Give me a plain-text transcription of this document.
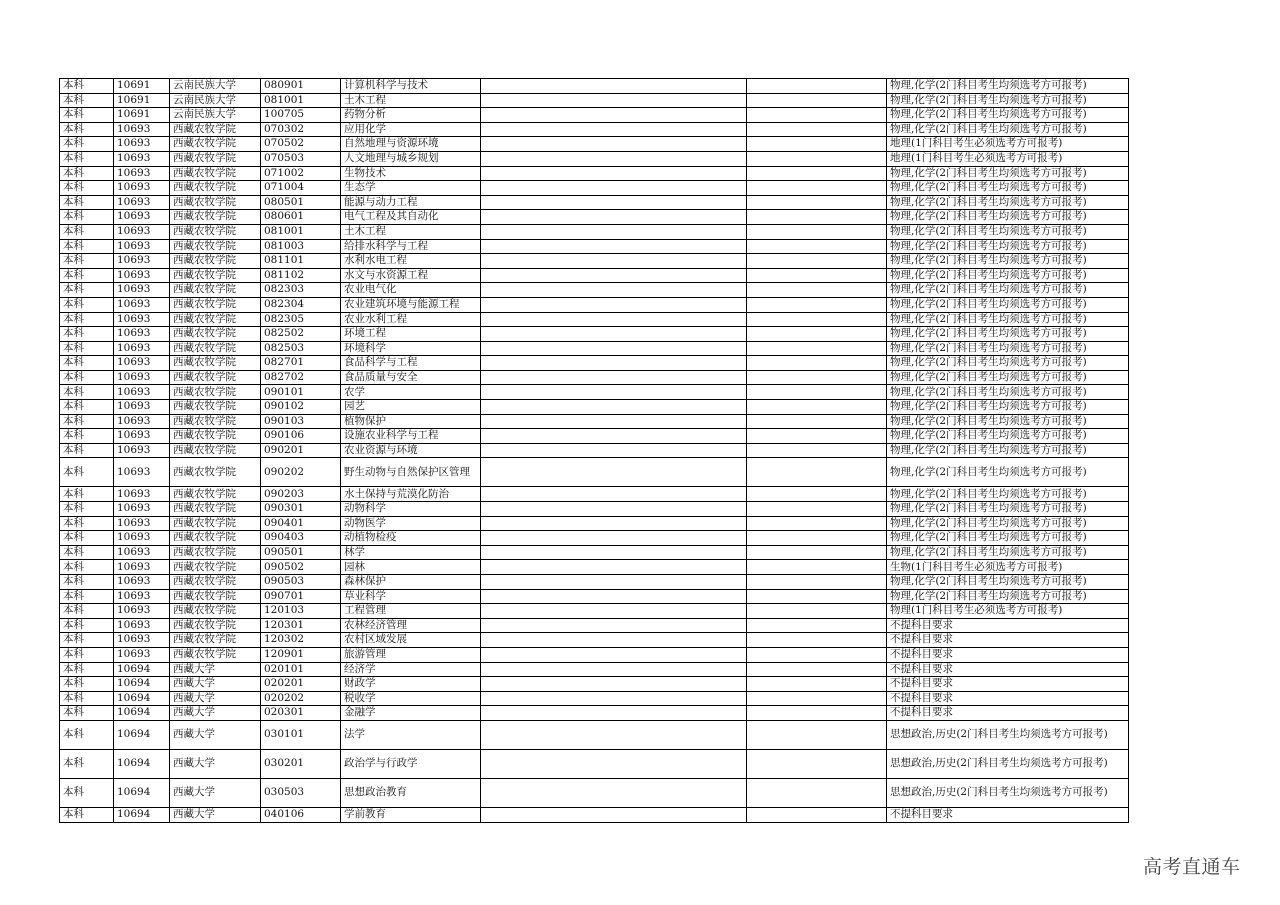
本科	10691	云南民族大学	080901	计算机科学与技术			物理,化学(2门科目考生均须选考方可报考)
本科	10691	云南民族大学	081001	土木工程			物理,化学(2门科目考生均须选考方可报考)
本科	10691	云南民族大学	100705	药物分析			物理,化学(2门科目考生均须选考方可报考)
本科	10693	西藏农牧学院	070302	应用化学			物理,化学(2门科目考生均须选考方可报考)
本科	10693	西藏农牧学院	070502	自然地理与资源环境			地理(1门科目考生必须选考方可报考)
本科	10693	西藏农牧学院	070503	人文地理与城乡规划			地理(1门科目考生必须选考方可报考)
本科	10693	西藏农牧学院	071002	生物技术			物理,化学(2门科目考生均须选考方可报考)
本科	10693	西藏农牧学院	071004	生态学			物理,化学(2门科目考生均须选考方可报考)
本科	10693	西藏农牧学院	080501	能源与动力工程			物理,化学(2门科目考生均须选考方可报考)
本科	10693	西藏农牧学院	080601	电气工程及其自动化			物理,化学(2门科目考生均须选考方可报考)
本科	10693	西藏农牧学院	081001	土木工程			物理,化学(2门科目考生均须选考方可报考)
本科	10693	西藏农牧学院	081003	给排水科学与工程			物理,化学(2门科目考生均须选考方可报考)
本科	10693	西藏农牧学院	081101	水利水电工程			物理,化学(2门科目考生均须选考方可报考)
本科	10693	西藏农牧学院	081102	水文与水资源工程			物理,化学(2门科目考生均须选考方可报考)
本科	10693	西藏农牧学院	082303	农业电气化			物理,化学(2门科目考生均须选考方可报考)
本科	10693	西藏农牧学院	082304	农业建筑环境与能源工程			物理,化学(2门科目考生均须选考方可报考)
本科	10693	西藏农牧学院	082305	农业水利工程			物理,化学(2门科目考生均须选考方可报考)
本科	10693	西藏农牧学院	082502	环境工程			物理,化学(2门科目考生均须选考方可报考)
本科	10693	西藏农牧学院	082503	环境科学			物理,化学(2门科目考生均须选考方可报考)
本科	10693	西藏农牧学院	082701	食品科学与工程			物理,化学(2门科目考生均须选考方可报考)
本科	10693	西藏农牧学院	082702	食品质量与安全			物理,化学(2门科目考生均须选考方可报考)
本科	10693	西藏农牧学院	090101	农学			物理,化学(2门科目考生均须选考方可报考)
本科	10693	西藏农牧学院	090102	园艺			物理,化学(2门科目考生均须选考方可报考)
本科	10693	西藏农牧学院	090103	植物保护			物理,化学(2门科目考生均须选考方可报考)
本科	10693	西藏农牧学院	090106	设施农业科学与工程			物理,化学(2门科目考生均须选考方可报考)
本科	10693	西藏农牧学院	090201	农业资源与环境			物理,化学(2门科目考生均须选考方可报考)
本科	10693	西藏农牧学院	090202	野生动物与自然保护区管理			物理,化学(2门科目考生均须选考方可报考)
本科	10693	西藏农牧学院	090203	水土保持与荒漠化防治			物理,化学(2门科目考生均须选考方可报考)
本科	10693	西藏农牧学院	090301	动物科学			物理,化学(2门科目考生均须选考方可报考)
本科	10693	西藏农牧学院	090401	动物医学			物理,化学(2门科目考生均须选考方可报考)
本科	10693	西藏农牧学院	090403	动植物检疫			物理,化学(2门科目考生均须选考方可报考)
本科	10693	西藏农牧学院	090501	林学			物理,化学(2门科目考生均须选考方可报考)
本科	10693	西藏农牧学院	090502	园林			生物(1门科目考生必须选考方可报考)
本科	10693	西藏农牧学院	090503	森林保护			物理,化学(2门科目考生均须选考方可报考)
本科	10693	西藏农牧学院	090701	草业科学			物理,化学(2门科目考生均须选考方可报考)
本科	10693	西藏农牧学院	120103	工程管理			物理(1门科目考生必须选考方可报考)
本科	10693	西藏农牧学院	120301	农林经济管理			不提科目要求
本科	10693	西藏农牧学院	120302	农村区域发展			不提科目要求
本科	10693	西藏农牧学院	120901	旅游管理			不提科目要求
本科	10694	西藏大学	020101	经济学			不提科目要求
本科	10694	西藏大学	020201	财政学			不提科目要求
本科	10694	西藏大学	020202	税收学			不提科目要求
本科	10694	西藏大学	020301	金融学			不提科目要求
本科	10694	西藏大学	030101	法学			思想政治,历史(2门科目考生均须选考方可报考)
本科	10694	西藏大学	030201	政治学与行政学			思想政治,历史(2门科目考生均须选考方可报考)
本科	10694	西藏大学	030503	思想政治教育			思想政治,历史(2门科目考生均须选考方可报考)
本科	10694	西藏大学	040106	学前教育			不提科目要求
高考直通车
